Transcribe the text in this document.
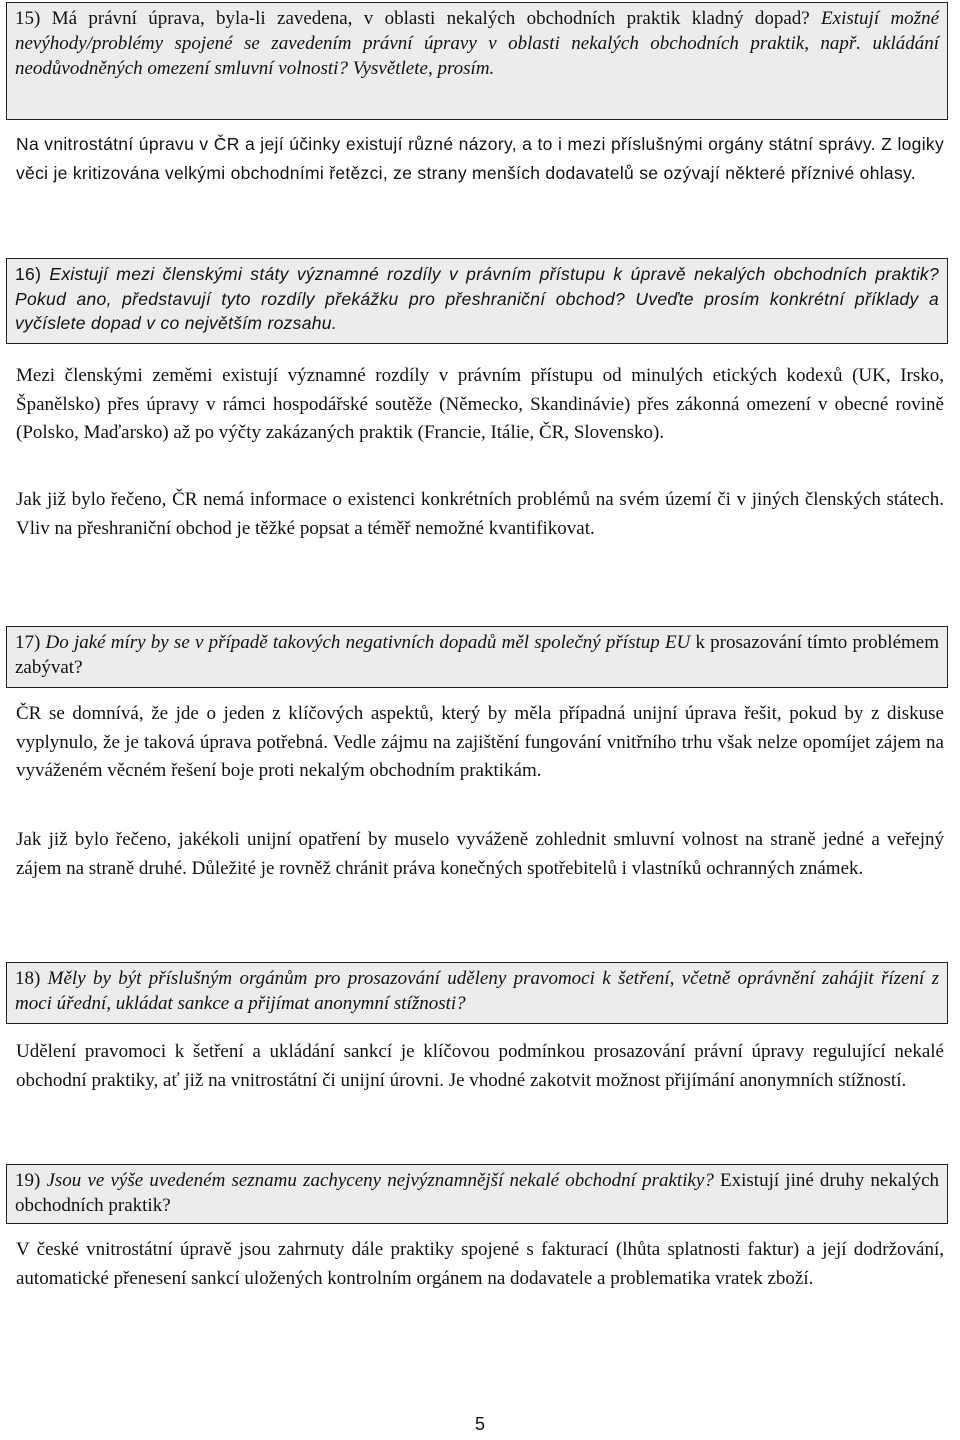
15) Má právní úprava, byla-li zavedena, v oblasti nekalých obchodních praktik kladný dopad? Existují možné nevýhody/problémy spojené se zavedením právní úpravy v oblasti nekalých obchodních praktik, např. ukládání neodůvodněných omezení smluvní volnosti? Vysvětlete, prosím.

Na vnitrostátní úpravu v ČR a její účinky existují různé názory, a to i mezi příslušnými orgány státní správy. Z logiky věci je kritizována velkými obchodními řetězci, ze strany menších dodavatelů se ozývají některé příznivé ohlasy.

16) Existují mezi členskými státy významné rozdíly v právním přístupu k úpravě nekalých obchodních praktik? Pokud ano, představují tyto rozdíly překážku pro přeshraniční obchod? Uveďte prosím konkrétní příklady a vyčíslete dopad v co největším rozsahu.

Mezi členskými zeměmi existují významné rozdíly v právním přístupu od minulých etických kodexů (UK, Irsko, Španělsko) přes úpravy v rámci hospodářské soutěže (Německo, Skandinávie) přes zákonná omezení v obecné rovině (Polsko, Maďarsko) až po výčty zakázaných praktik (Francie, Itálie, ČR, Slovensko).

Jak již bylo řečeno, ČR nemá informace o existenci konkrétních problémů na svém území či v jiných členských státech. Vliv na přeshraniční obchod je těžké popsat a téměř nemožné kvantifikovat.

17) Do jaké míry by se v případě takových negativních dopadů měl společný přístup EU k prosazování tímto problémem zabývat?

ČR se domnívá, že jde o jeden z klíčových aspektů, který by měla případná unijní úprava řešit, pokud by z diskuse vyplynulo, že je taková úprava potřebná. Vedle zájmu na zajištění fungování vnitřního trhu však nelze opomíjet zájem na vyváženém věcném řešení boje proti nekalým obchodním praktikám.

Jak již bylo řečeno, jakékoli unijní opatření by muselo vyváženě zohlednit smluvní volnost na straně jedné a veřejný zájem na straně druhé. Důležité je rovněž chránit práva konečných spotřebitelů i vlastníků ochranných známek.

18) Měly by být příslušným orgánům pro prosazování uděleny pravomoci k šetření, včetně oprávnění zahájit řízení z moci úřední, ukládat sankce a přijímat anonymní stížnosti?

Udělení pravomoci k šetření a ukládání sankcí je klíčovou podmínkou prosazování právní úpravy regulující nekalé obchodní praktiky, ať již na vnitrostátní či unijní úrovni. Je vhodné zakotvit možnost přijímání anonymních stížností.

19) Jsou ve výše uvedeném seznamu zachyceny nejvýznamnější nekalé obchodní praktiky? Existují jiné druhy nekalých obchodních praktik?

V české vnitrostátní úpravě jsou zahrnuty dále praktiky spojené s fakturací (lhůta splatnosti faktur) a její dodržování, automatické přenesení sankcí uložených kontrolním orgánem na dodavatele a problematika vratek zboží.

5
